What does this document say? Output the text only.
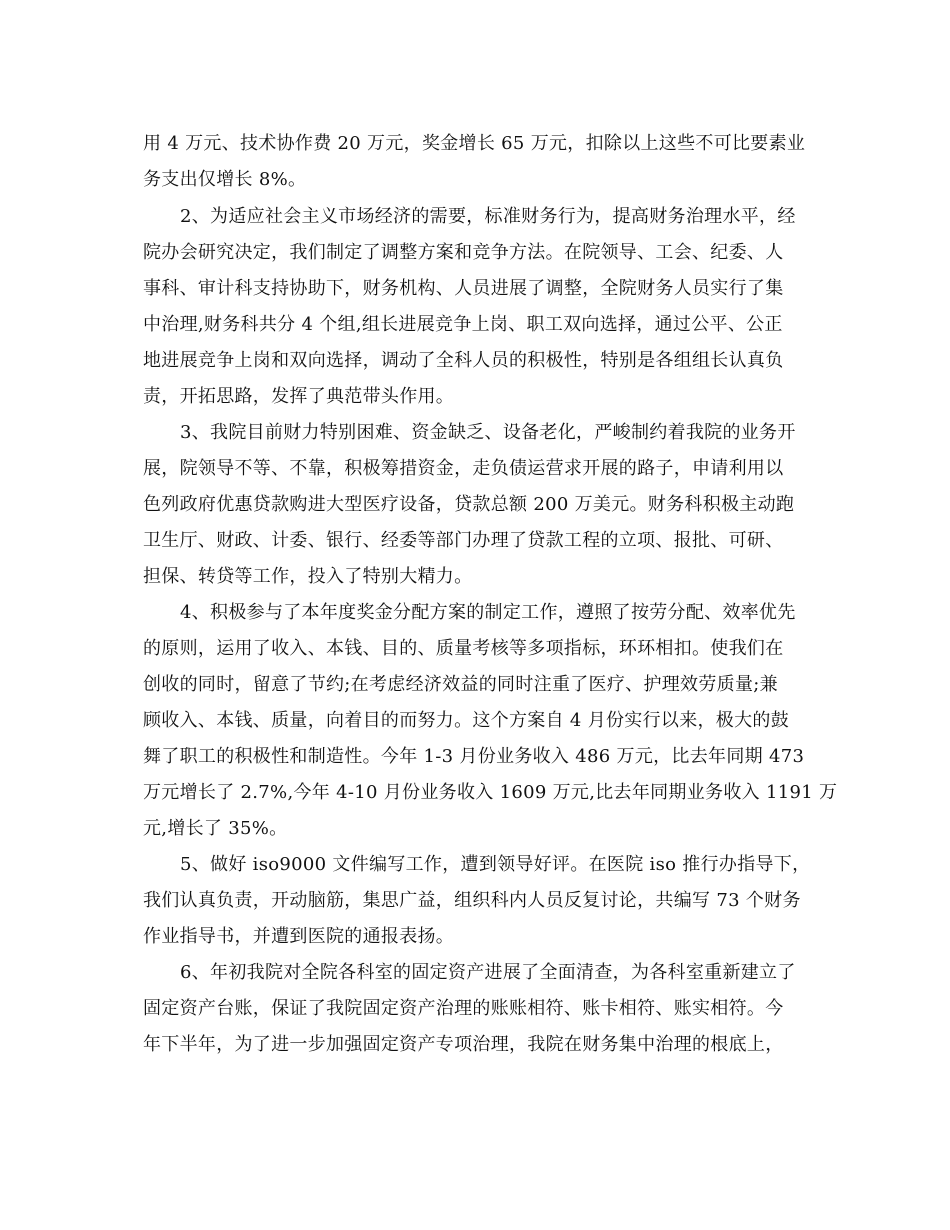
用 4 万元、技术协作费 20 万元，奖金增长 65 万元，扣除以上这些不可比要素业
务支出仅增长 8%。
2、为适应社会主义市场经济的需要，标准财务行为，提高财务治理水平，经
院办会研究决定，我们制定了调整方案和竞争方法。在院领导、工会、纪委、人
事科、审计科支持协助下，财务机构、人员进展了调整，全院财务人员实行了集
中治理,财务科共分 4 个组,组长进展竞争上岗、职工双向选择，通过公平、公正
地进展竞争上岗和双向选择，调动了全科人员的积极性，特别是各组组长认真负
责，开拓思路，发挥了典范带头作用。
3、我院目前财力特别困难、资金缺乏、设备老化，严峻制约着我院的业务开
展，院领导不等、不靠，积极筹措资金，走负债运营求开展的路子，申请利用以
色列政府优惠贷款购进大型医疗设备，贷款总额 200 万美元。财务科积极主动跑
卫生厅、财政、计委、银行、经委等部门办理了贷款工程的立项、报批、可研、
担保、转贷等工作，投入了特别大精力。
4、积极参与了本年度奖金分配方案的制定工作，遵照了按劳分配、效率优先
的原则，运用了收入、本钱、目的、质量考核等多项指标，环环相扣。使我们在
创收的同时，留意了节约;在考虑经济效益的同时注重了医疗、护理效劳质量;兼
顾收入、本钱、质量，向着目的而努力。这个方案自 4 月份实行以来，极大的鼓
舞了职工的积极性和制造性。今年 1-3 月份业务收入 486 万元，比去年同期 473
万元增长了 2.7%,今年 4-10 月份业务收入 1609 万元,比去年同期业务收入 1191 万
元,增长了 35%。
5、做好 iso9000 文件编写工作，遭到领导好评。在医院 iso 推行办指导下，
我们认真负责，开动脑筋，集思广益，组织科内人员反复讨论，共编写 73 个财务
作业指导书，并遭到医院的通报表扬。
6、年初我院对全院各科室的固定资产进展了全面清查，为各科室重新建立了
固定资产台账，保证了我院固定资产治理的账账相符、账卡相符、账实相符。今
年下半年，为了进一步加强固定资产专项治理，我院在财务集中治理的根底上，
